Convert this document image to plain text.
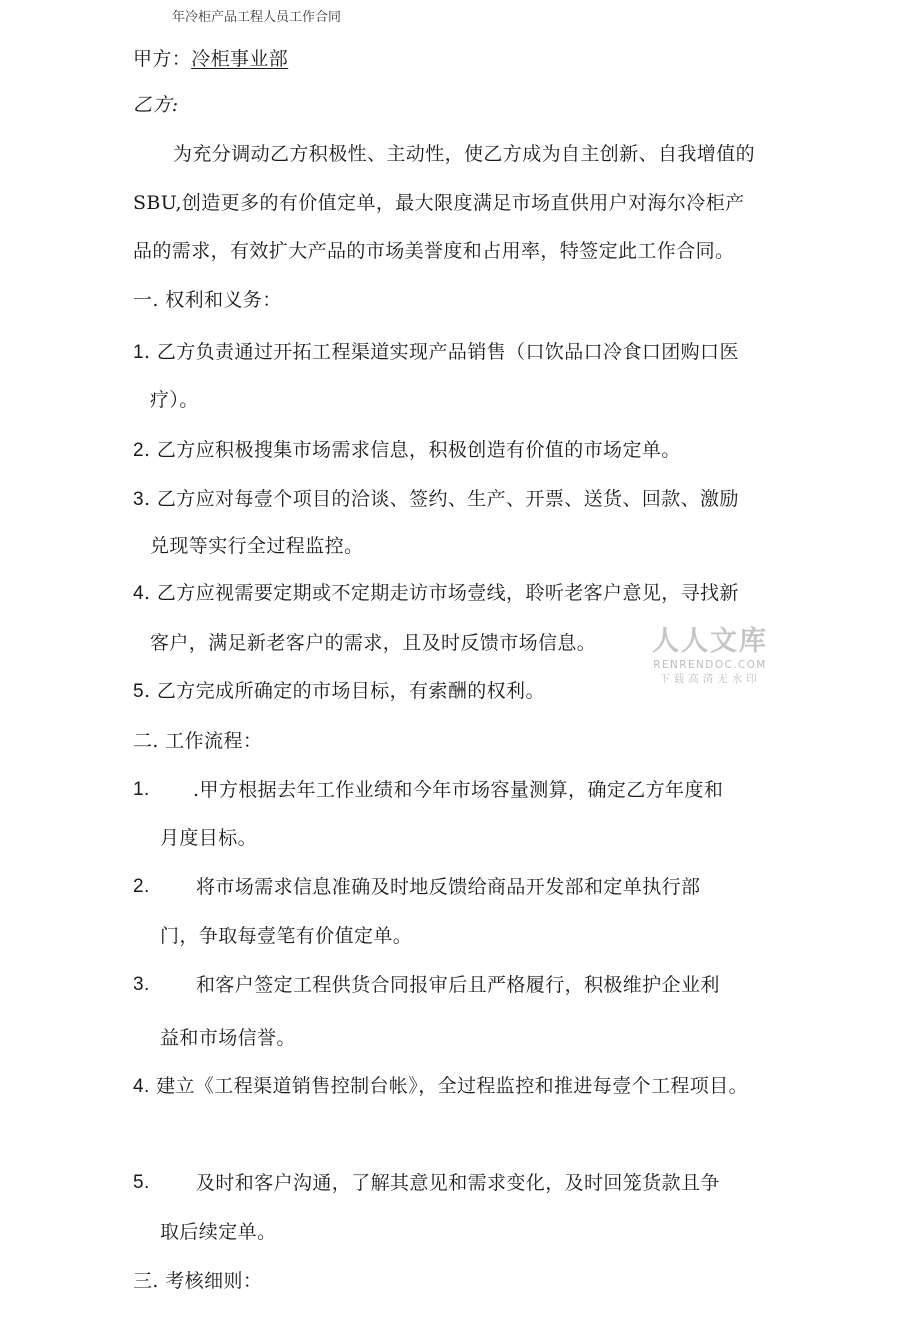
年冷柜产品工程人员工作合同
甲方：冷柜事业部
乙方:
为充分调动乙方积极性、主动性，使乙方成为自主创新、自我增值的
SBU,创造更多的有价值定单，最大限度满足市场直供用户对海尔冷柜产
品的需求，有效扩大产品的市场美誉度和占用率，特签定此工作合同。
一. 权利和义务：
1. 乙方负责通过开拓工程渠道实现产品销售（口饮品口冷食口团购口医
疗）。
2. 乙方应积极搜集市场需求信息，积极创造有价值的市场定单。
3. 乙方应对每壹个项目的洽谈、签约、生产、开票、送货、回款、激励
兑现等实行全过程监控。
4. 乙方应视需要定期或不定期走访市场壹线，聆听老客户意见，寻找新
客户，满足新老客户的需求，且及时反馈市场信息。
5. 乙方完成所确定的市场目标，有索酬的权利。
二. 工作流程：
1. .甲方根据去年工作业绩和今年市场容量测算，确定乙方年度和
月度目标。
2. 将市场需求信息准确及时地反馈给商品开发部和定单执行部
门，争取每壹笔有价值定单。
3. 和客户签定工程供货合同报审后且严格履行，积极维护企业利
益和市场信誉。
4. 建立《工程渠道销售控制台帐》，全过程监控和推进每壹个工程项目。
5. 及时和客户沟通，了解其意见和需求变化，及时回笼货款且争
取后续定单。
三. 考核细则：
人人文库
RENRENDOC.COM
下载高清无水印
